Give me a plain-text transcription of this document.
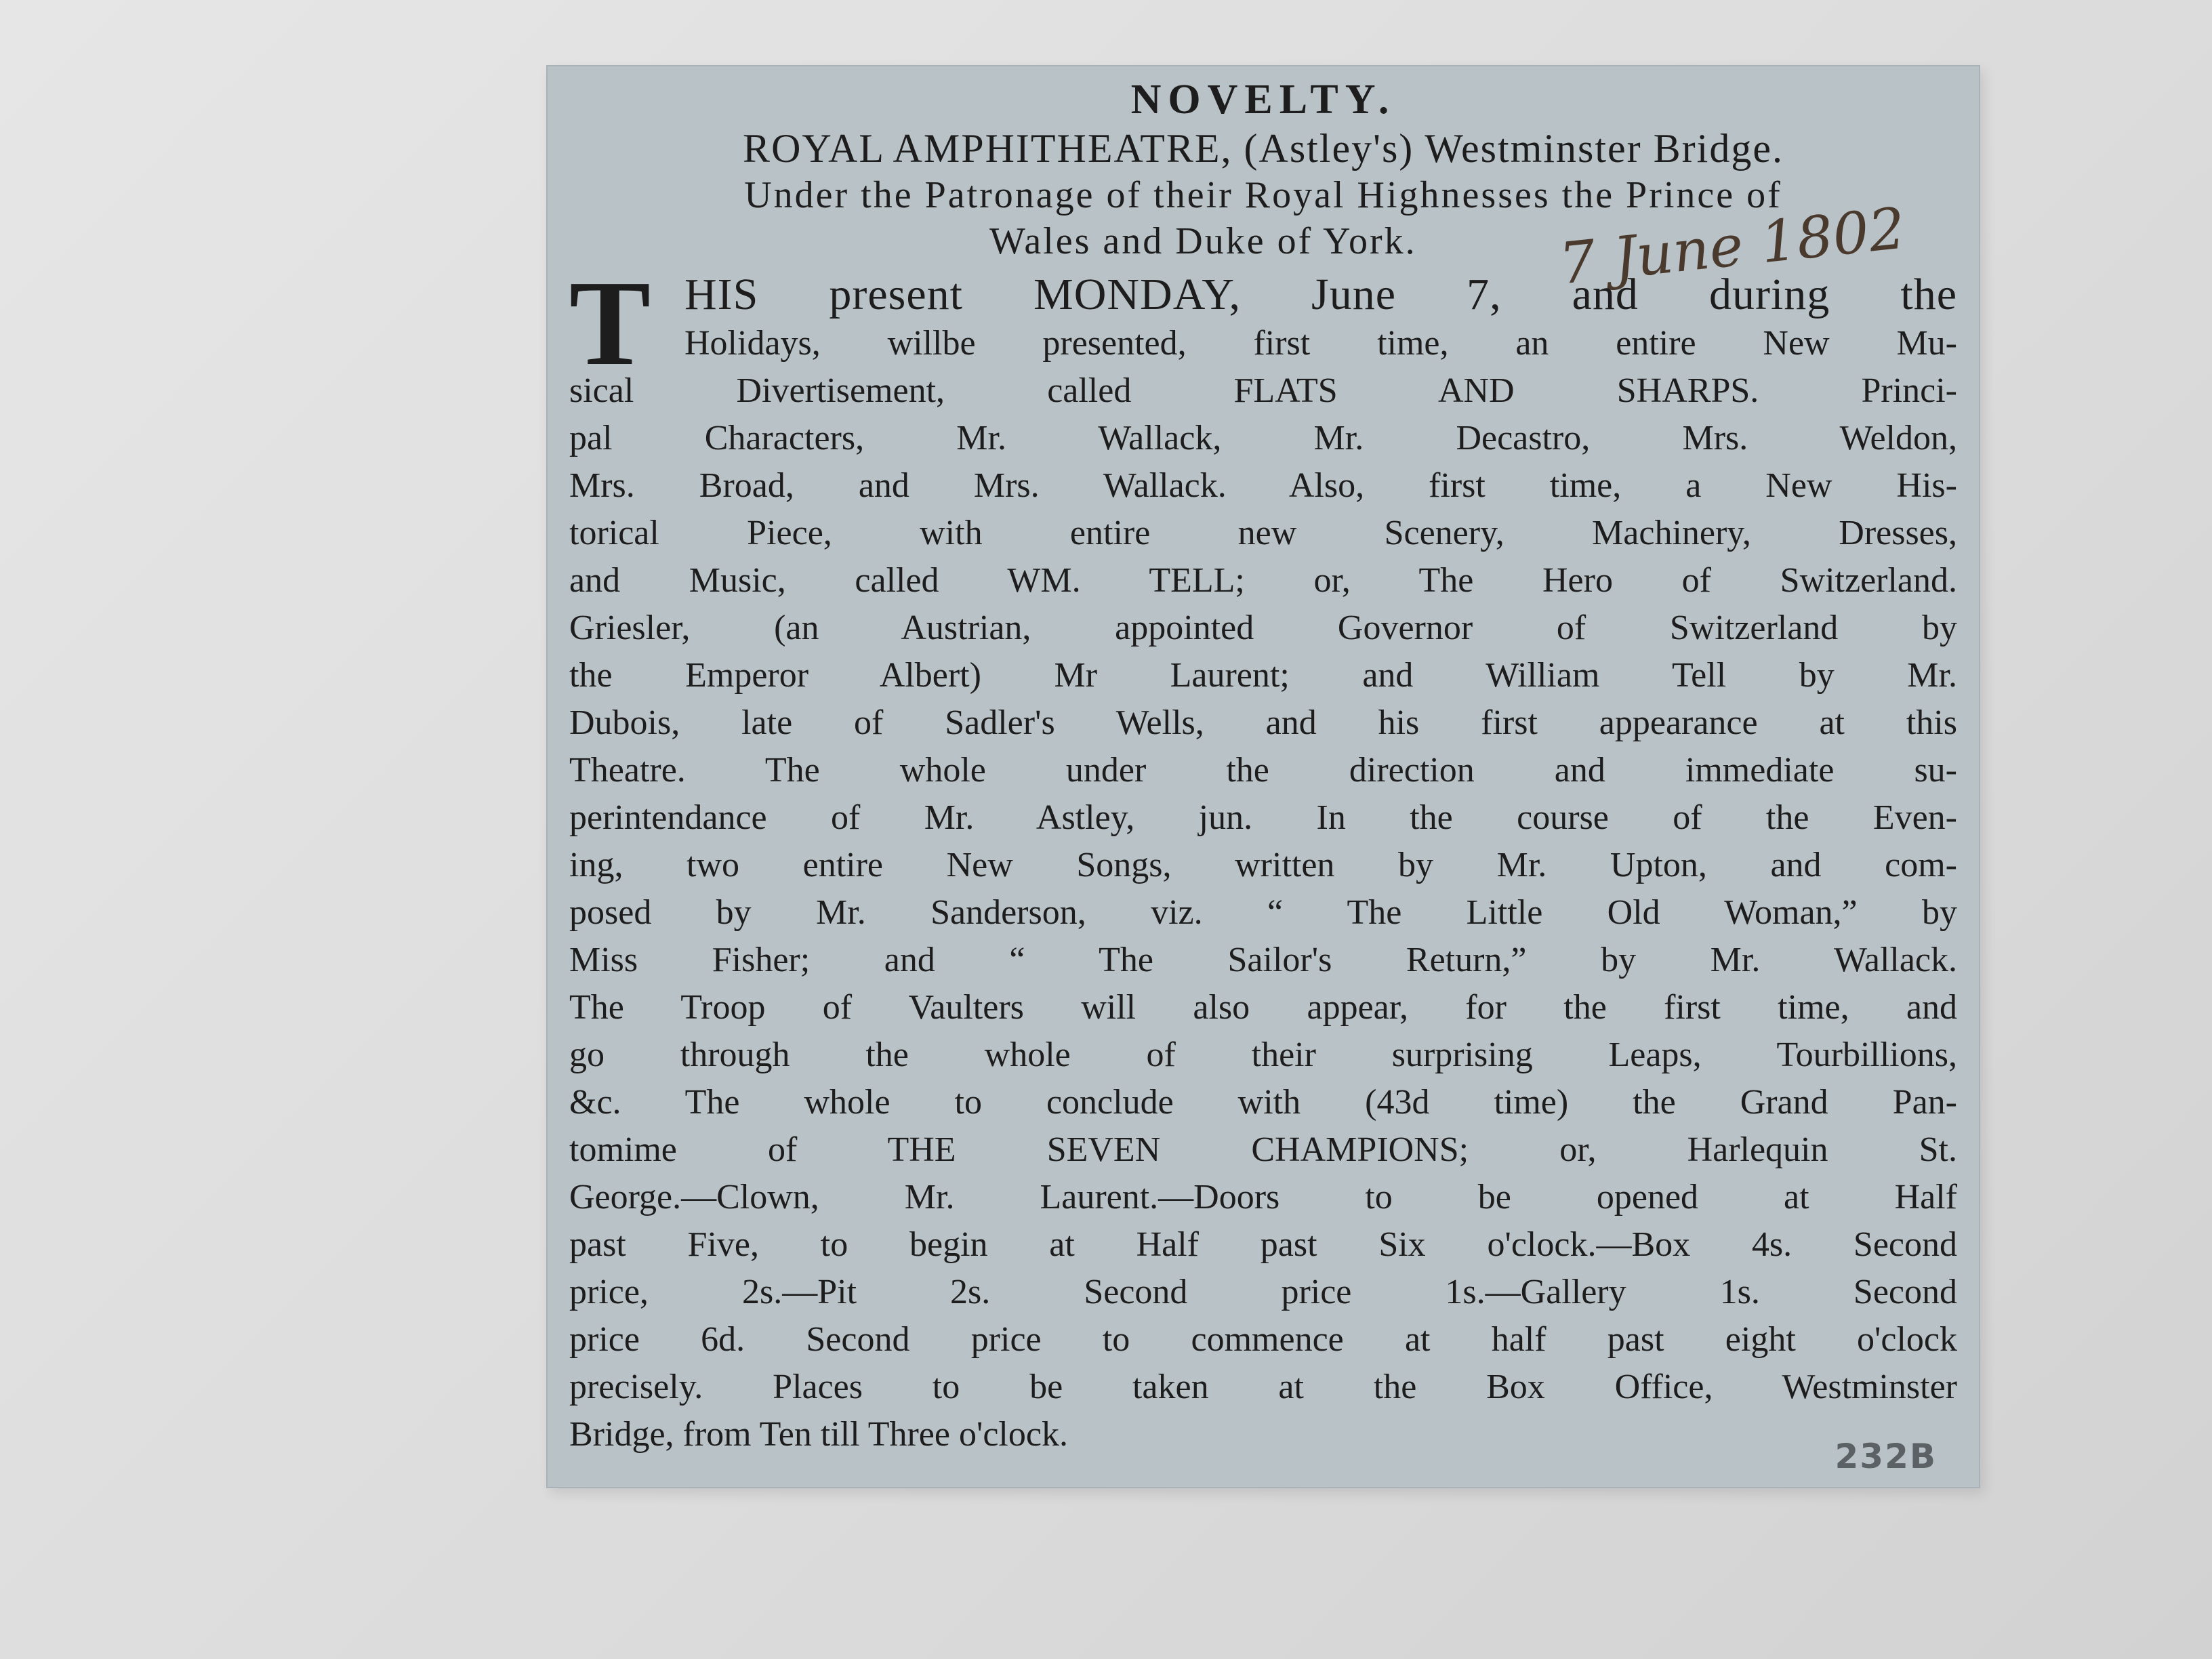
NOVELTY.
ROYAL AMPHITHEATRE, (Astley's) Westminster Bridge.
Under the Patronage of their Royal Highnesses the Prince of
Wales and Duke of York. 7 June 1802
T HIS present MONDAY, June 7, and during the
Holidays, willbe presented, first time, an entire New Mu-
sical Divertisement, called FLATS AND SHARPS. Princi-
pal Characters, Mr. Wallack, Mr. Decastro, Mrs. Weldon,
Mrs. Broad, and Mrs. Wallack. Also, first time, a New His-
torical Piece, with entire new Scenery, Machinery, Dresses,
and Music, called WM. TELL; or, The Hero of Switzerland.
Griesler, (an Austrian, appointed Governor of Switzerland by
the Emperor Albert) Mr Laurent; and William Tell by Mr.
Dubois, late of Sadler's Wells, and his first appearance at this
Theatre. The whole under the direction and immediate su-
perintendance of Mr. Astley, jun. In the course of the Even-
ing, two entire New Songs, written by Mr. Upton, and com-
posed by Mr. Sanderson, viz. “ The Little Old Woman,” by
Miss Fisher; and “ The Sailor's Return,” by Mr. Wallack.
The Troop of Vaulters will also appear, for the first time, and
go through the whole of their surprising Leaps, Tourbillions,
&c. The whole to conclude with (43d time) the Grand Pan-
tomime of THE SEVEN CHAMPIONS; or, Harlequin St.
George.—Clown, Mr. Laurent.—Doors to be opened at Half
past Five, to begin at Half past Six o'clock.—Box 4s. Second
price, 2s.—Pit 2s. Second price 1s.—Gallery 1s. Second
price 6d. Second price to commence at half past eight o'clock
precisely. Places to be taken at the Box Office, Westminster
Bridge, from Ten till Three o'clock.
232B
